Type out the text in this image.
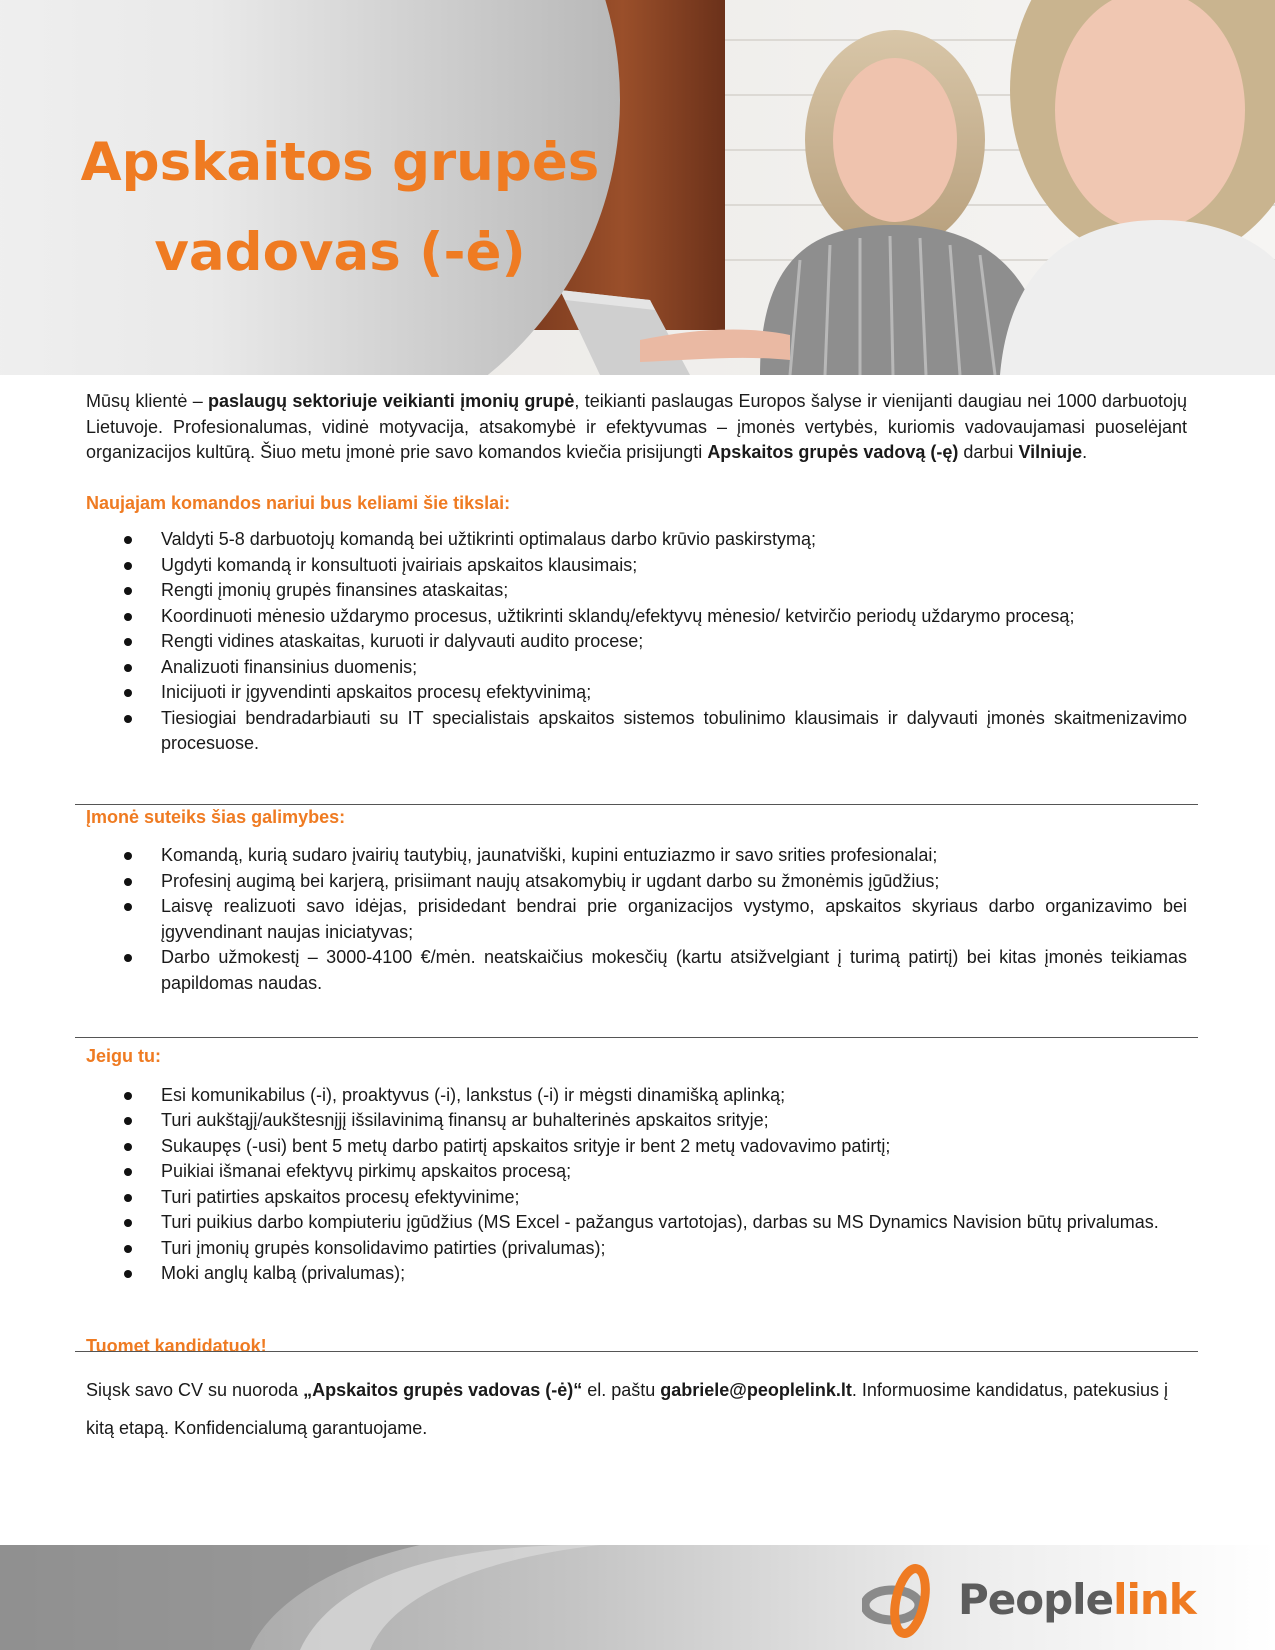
Apskaitos grupės
vadovas (-ė)

Mūsų klientė – paslaugų sektoriuje veikianti įmonių grupė, teikianti paslaugas Europos šalyse ir vienijanti daugiau nei 1000 darbuotojų Lietuvoje. Profesionalumas, vidinė motyvacija, atsakomybė ir efektyvumas – įmonės vertybės, kuriomis vadovaujamasi puoselėjant organizacijos kultūrą. Šiuo metu įmonė prie savo komandos kviečia prisijungti Apskaitos grupės vadovą (-ę) darbui Vilniuje.

Naujajam komandos nariui bus keliami šie tikslai:

Valdyti 5-8 darbuotojų komandą bei užtikrinti optimalaus darbo krūvio paskirstymą;
Ugdyti komandą ir konsultuoti įvairiais apskaitos klausimais;
Rengti įmonių grupės finansines ataskaitas;
Koordinuoti mėnesio uždarymo procesus, užtikrinti sklandų/efektyvų mėnesio/ ketvirčio periodų uždarymo procesą;
Rengti vidines ataskaitas, kuruoti ir dalyvauti audito procese;
Analizuoti finansinius duomenis;
Inicijuoti ir įgyvendinti apskaitos procesų efektyvinimą;
Tiesiogiai bendradarbiauti su IT specialistais apskaitos sistemos tobulinimo klausimais ir dalyvauti įmonės skaitmenizavimo procesuose.

Įmonė suteiks šias galimybes:

Komandą, kurią sudaro įvairių tautybių, jaunatviški, kupini entuziazmo ir savo srities profesionalai;
Profesinį augimą bei karjerą, prisiimant naujų atsakomybių ir ugdant darbo su žmonėmis įgūdžius;
Laisvę realizuoti savo idėjas, prisidedant bendrai prie organizacijos vystymo, apskaitos skyriaus darbo organizavimo bei įgyvendinant naujas iniciatyvas;
Darbo užmokestį – 3000-4100 €/mėn. neatskaičius mokesčių (kartu atsižvelgiant į turimą patirtį) bei kitas įmonės teikiamas papildomas naudas.

Jeigu tu:

Esi komunikabilus (-i), proaktyvus (-i), lankstus (-i) ir mėgsti dinamišką aplinką;
Turi aukštąjį/aukštesnįjį išsilavinimą finansų ar buhalterinės apskaitos srityje;
Sukaupęs (-usi) bent 5 metų darbo patirtį apskaitos srityje ir bent 2 metų vadovavimo patirtį;
Puikiai išmanai efektyvų pirkimų apskaitos procesą;
Turi patirties apskaitos procesų efektyvinime;
Turi puikius darbo kompiuteriu įgūdžius (MS Excel - pažangus vartotojas), darbas su MS Dynamics Navision būtų privalumas.
Turi įmonių grupės konsolidavimo patirties (privalumas);
Moki anglų kalbą (privalumas);

Tuomet kandidatuok!

Siųsk savo CV su nuoroda „Apskaitos grupės vadovas (-ė)“ el. paštu gabriele@peoplelink.lt. Informuosime kandidatus, patekusius į kitą etapą. Konfidencialumą garantuojame.

Peoplelink
